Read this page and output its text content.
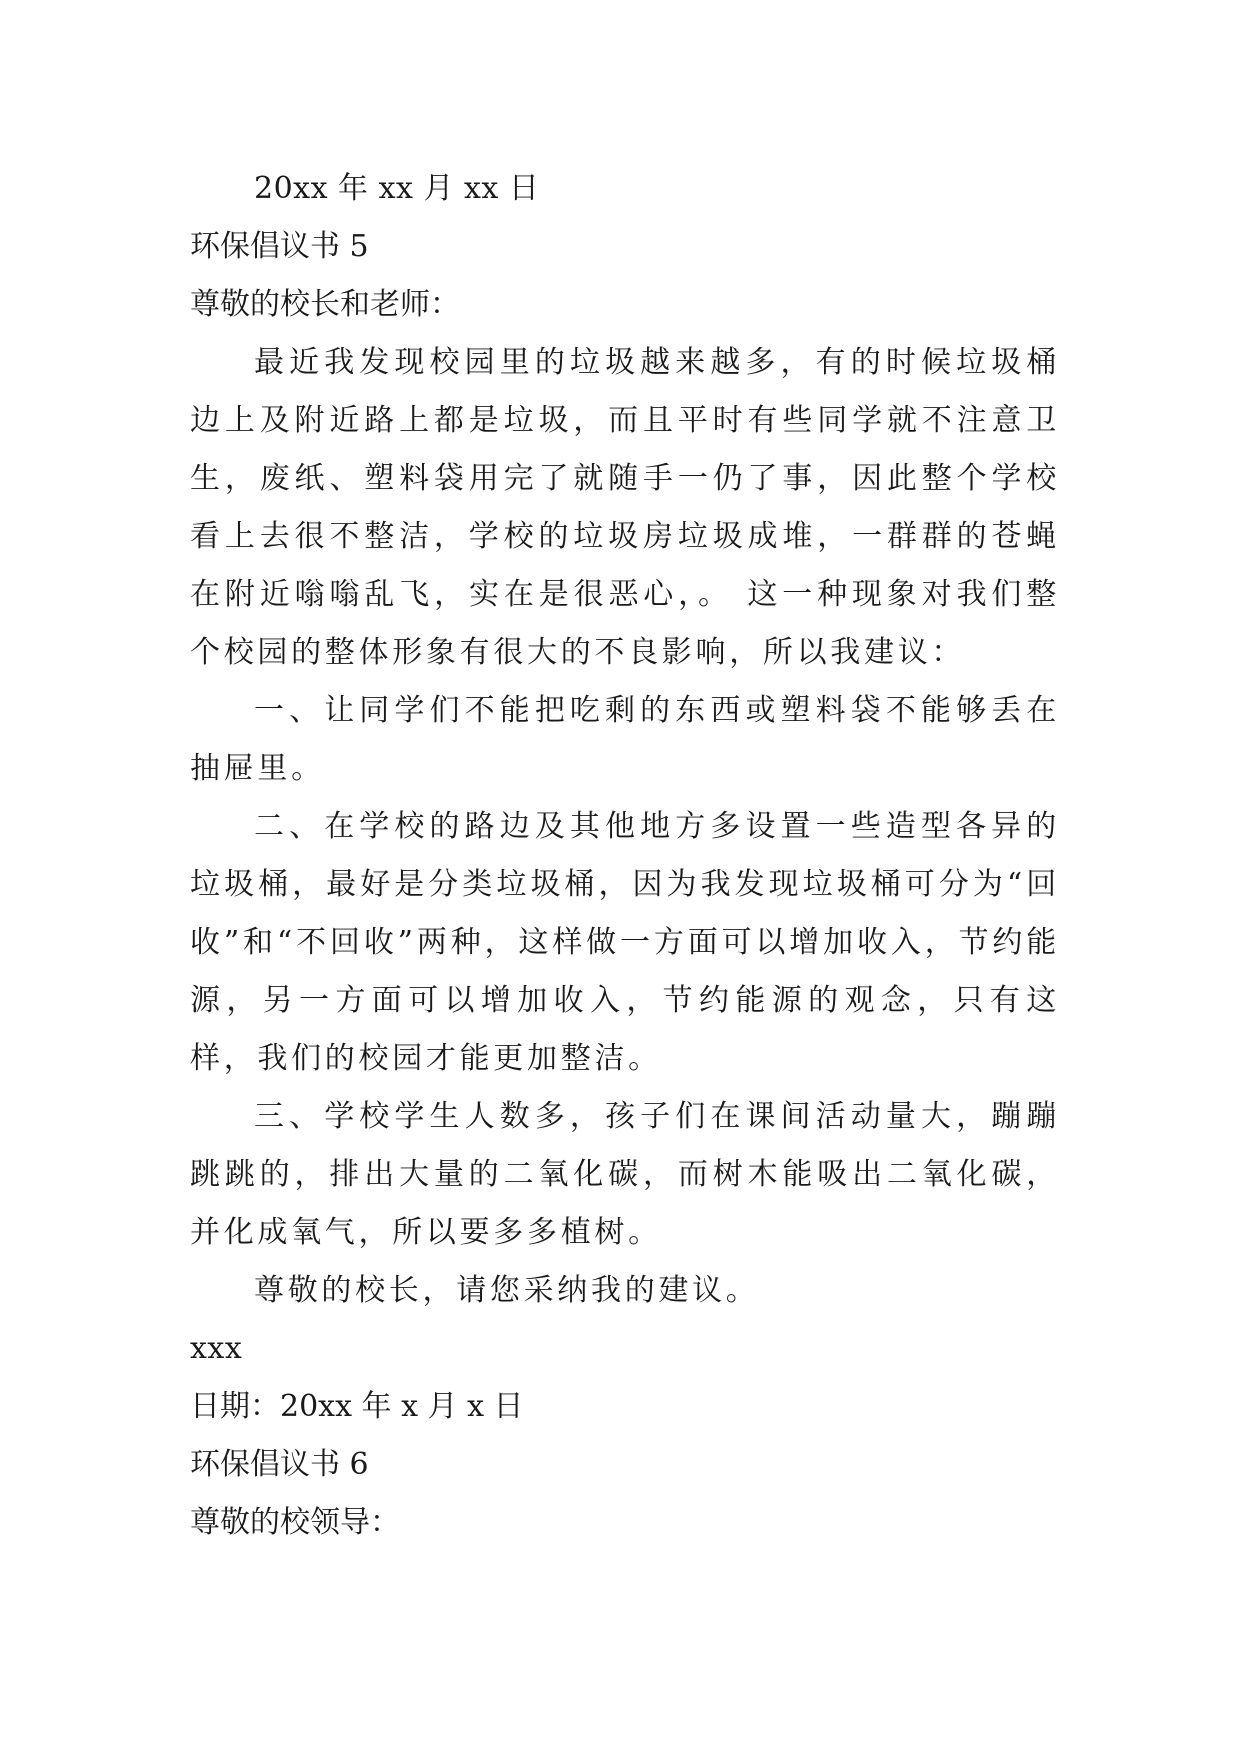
20xx 年 xx 月 xx 日

环保倡议书 5

尊敬的校长和老师：

最近我发现校园里的垃圾越来越多，有的时候垃圾桶边上及附近路上都是垃圾，而且平时有些同学就不注意卫生，废纸、塑料袋用完了就随手一仍了事，因此整个学校看上去很不整洁，学校的垃圾房垃圾成堆，一群群的苍蝇在附近嗡嗡乱飞，实在是很恶心，。 这一种现象对我们整个校园的整体形象有很大的不良影响，所以我建议：

一、让同学们不能把吃剩的东西或塑料袋不能够丢在抽屉里。

二、在学校的路边及其他地方多设置一些造型各异的垃圾桶，最好是分类垃圾桶，因为我发现垃圾桶可分为“回收”和“不回收”两种，这样做一方面可以增加收入，节约能源，另一方面可以增加收入，节约能源的观念，只有这样，我们的校园才能更加整洁。

三、学校学生人数多，孩子们在课间活动量大，蹦蹦跳跳的，排出大量的二氧化碳，而树木能吸出二氧化碳，并化成氧气，所以要多多植树。

尊敬的校长，请您采纳我的建议。

xxx

日期：20xx 年 x 月 x 日

环保倡议书 6

尊敬的校领导：
